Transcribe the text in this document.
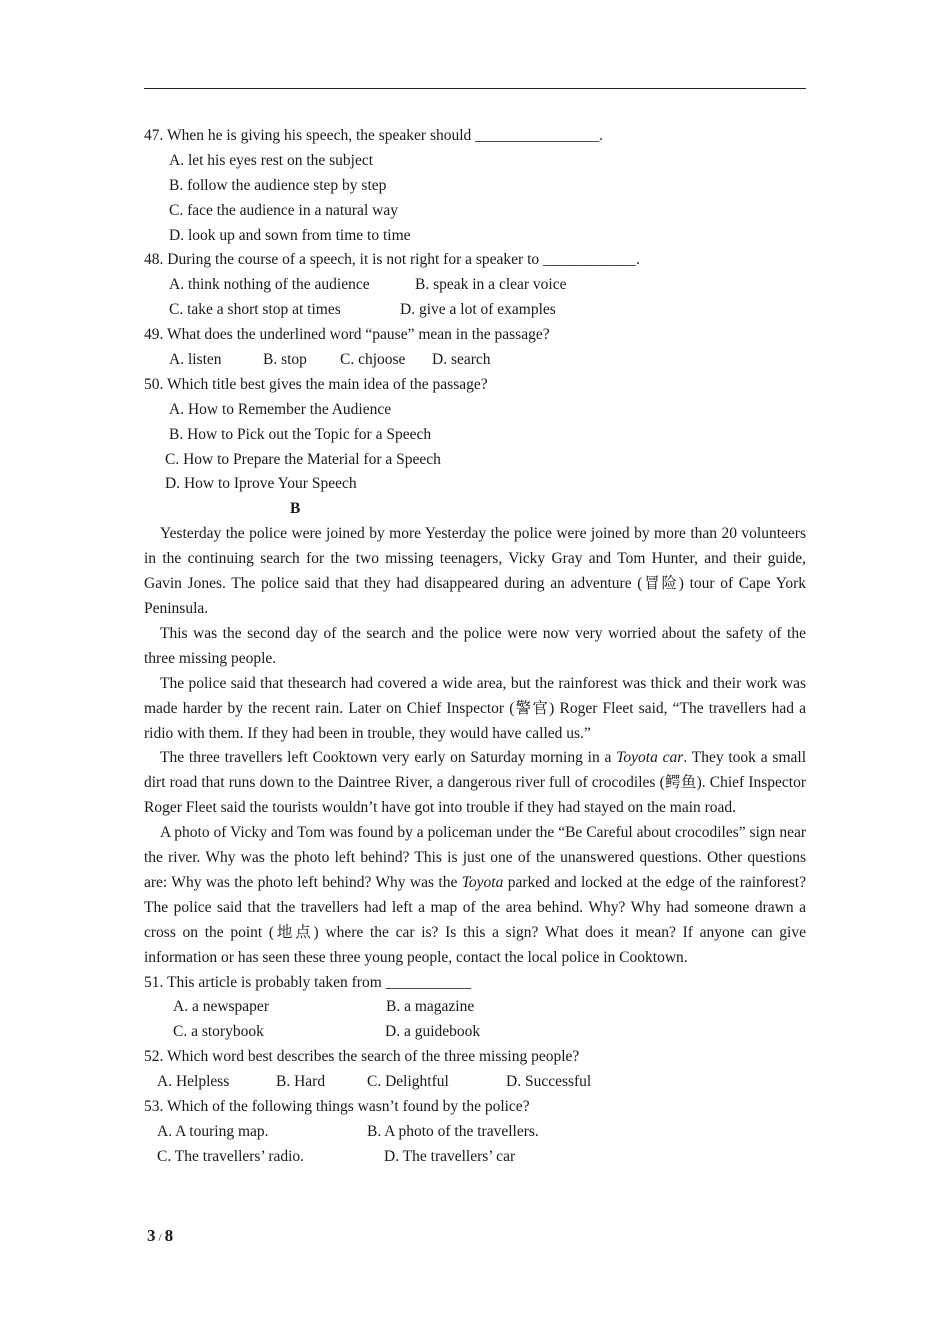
47. When he is giving his speech, the speaker should ________________.
A. let his eyes rest on the subject
B. follow the audience step by step
C. face the audience in a natural way
D. look up and sown from time to time
48. During the course of a speech, it is not right for a speaker to ____________.
A. think nothing of the audience	B. speak in a clear voice
C. take a short stop at times	D. give a lot of examples
49. What does the underlined word “pause” mean in the passage?
A. listen	B. stop C. chjoose D. search
50. Which title best gives the main idea of the passage?
A. How to Remember the Audience
B. How to Pick out the Topic for a Speech
C. How to Prepare the Material for a Speech
D. How to Iprove Your Speech
B

Yesterday the police were joined by more Yesterday the police were joined by more than 20 volunteers in the continuing search for the two missing teenagers, Vicky Gray and Tom Hunter, and their guide, Gavin Jones. The police said that they had disappeared during an adventure (冒险) tour of Cape York Peninsula.

This was the second day of the search and the police were now very worried about the safety of the three missing people.

The police said that thesearch had covered a wide area, but the rainforest was thick and their work was made harder by the recent rain. Later on Chief Inspector (警官) Roger Fleet said, “The travellers had a ridio with them. If they had been in trouble, they would have called us.”

The three travellers left Cooktown very early on Saturday morning in a Toyota car. They took a small dirt road that runs down to the Daintree River, a dangerous river full of crocodiles (鳄鱼). Chief Inspector Roger Fleet said the tourists wouldn’t have got into trouble if they had stayed on the main road.

A photo of Vicky and Tom was found by a policeman under the “Be Careful about crocodiles” sign near the river. Why was the photo left behind? This is just one of the unanswered questions. Other questions are: Why was the photo left behind? Why was the Toyota parked and locked at the edge of the rainforest? The police said that the travellers had left a map of the area behind. Why? Why had someone drawn a cross on the point (地点) where the car is? Is this a sign? What does it mean? If anyone can give information or has seen these three young people, contact the local police in Cooktown.

51. This article is probably taken from ___________
A. a newspaper	B. a magazine
C. a storybook	D. a guidebook
52. Which word best describes the search of the three missing people?
A. Helpless	B. Hard	C. Delightful	D. Successful
53. Which of the following things wasn’t found by the police?
A. A touring map.	B. A photo of the travellers.
C. The travellers’ radio.	D. The travellers’ car
3 / 8
